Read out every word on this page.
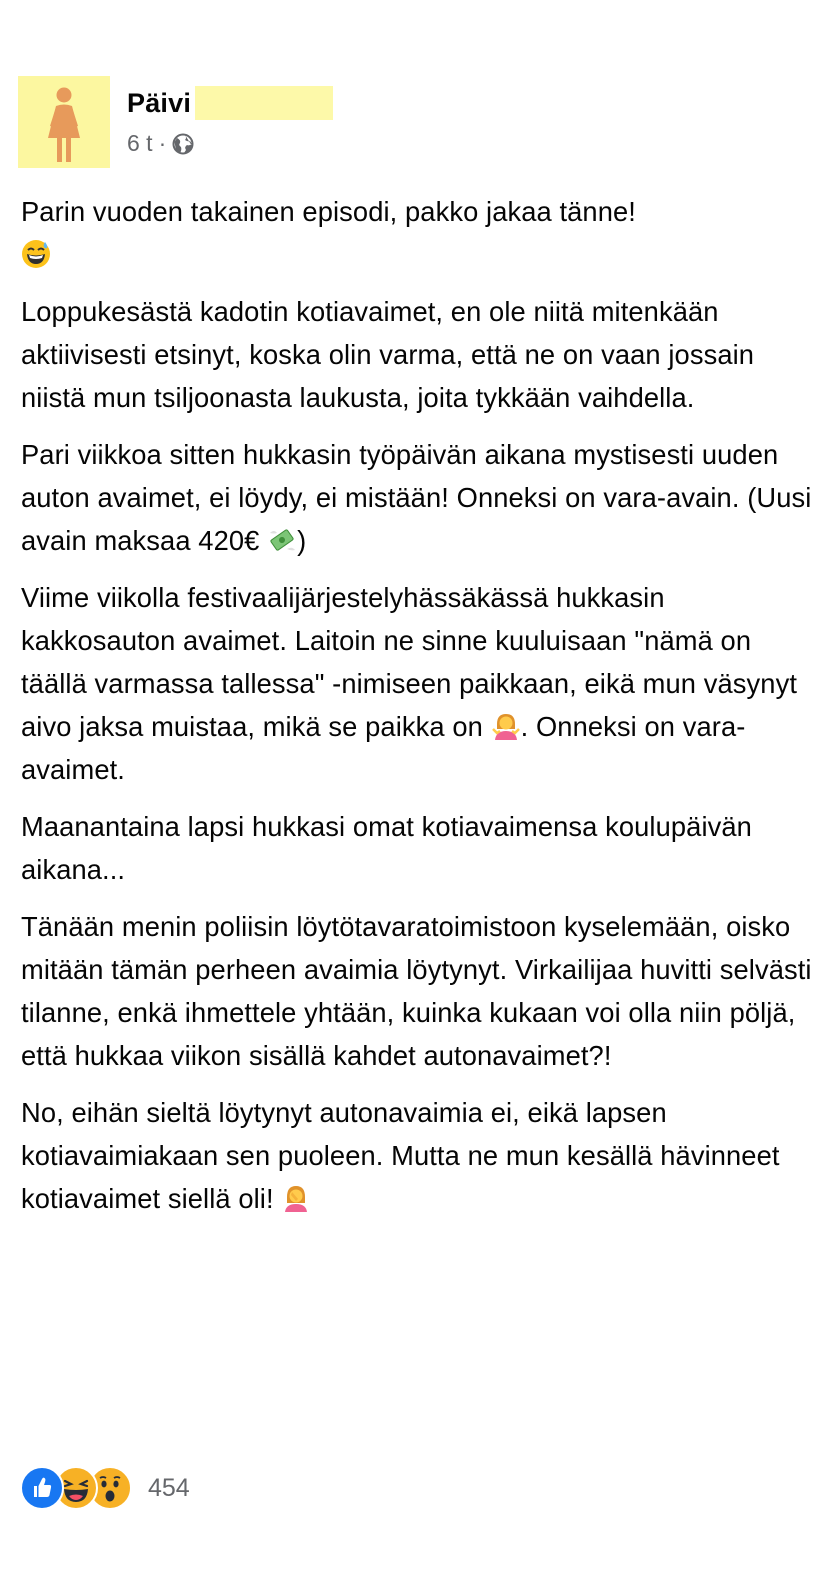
Päivi
6 t ·

Parin vuoden takainen episodi, pakko jakaa tänne!

Loppukesästä kadotin kotiavaimet, en ole niitä mitenkään aktiivisesti etsinyt, koska olin varma, että ne on vaan jossain niistä mun tsiljoonasta laukusta, joita tykkään vaihdella.

Pari viikkoa sitten hukkasin työpäivän aikana mystisesti uuden auton avaimet, ei löydy, ei mistään! Onneksi on vara-avain. (Uusi avain maksaa 420€ )

Viime viikolla festivaalijärjestelyhässäkässä hukkasin kakkosauton avaimet. Laitoin ne sinne kuuluisaan "nämä on täällä varmassa tallessa" -nimiseen paikkaan, eikä mun väsynyt aivo jaksa muistaa, mikä se paikka on . Onneksi on vara-avaimet.

Maanantaina lapsi hukkasi omat kotiavaimensa koulupäivän aikana...

Tänään menin poliisin löytötavaratoimistoon kyselemään, oisko mitään tämän perheen avaimia löytynyt. Virkailijaa huvitti selvästi tilanne, enkä ihmettele yhtään, kuinka kukaan voi olla niin pöljä, että hukkaa viikon sisällä kahdet autonavaimet?!

No, eihän sieltä löytynyt autonavaimia ei, eikä lapsen kotiavaimiakaan sen puoleen. Mutta ne mun kesällä hävinneet kotiavaimet siellä oli!

454
